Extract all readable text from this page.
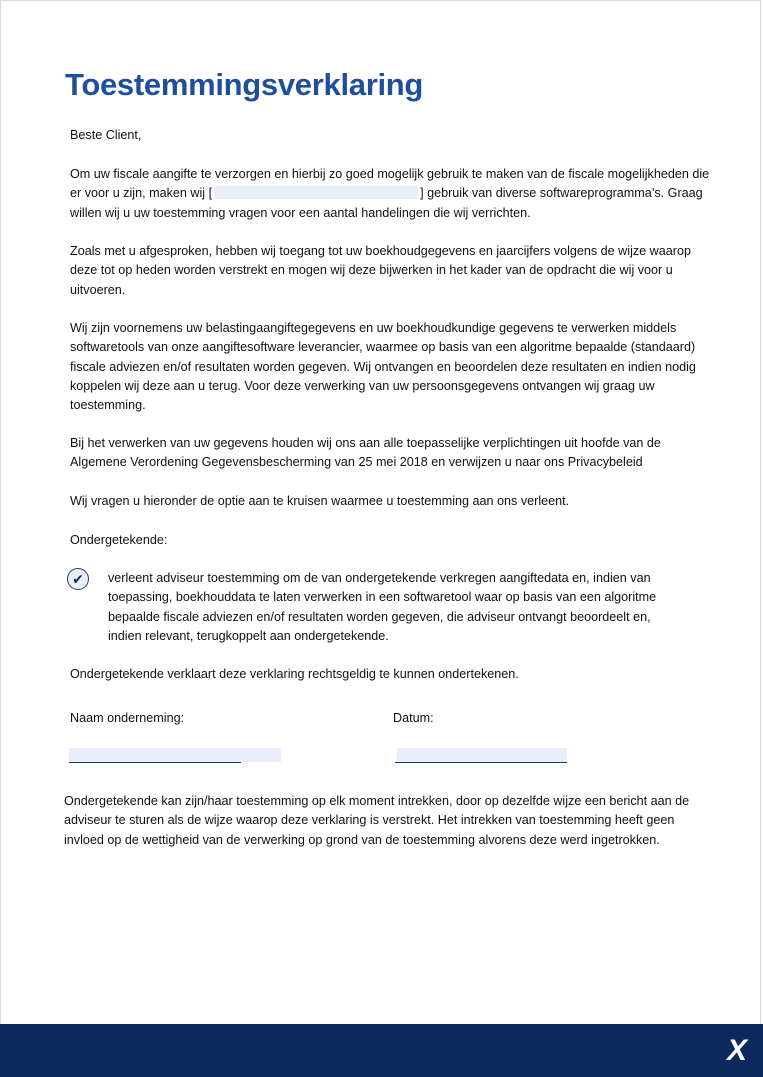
Toestemmingsverklaring

Beste Client,

Om uw fiscale aangifte te verzorgen en hierbij zo goed mogelijk gebruik te maken van de fiscale mogelijkheden die er voor u zijn, maken wij [	] gebruik van diverse softwareprogramma’s. Graag willen wij u uw toestemming vragen voor een aantal handelingen die wij verrichten.

Zoals met u afgesproken, hebben wij toegang tot uw boekhoudgegevens en jaarcijfers volgens de wijze waarop deze tot op heden worden verstrekt en mogen wij deze bijwerken in het kader van de opdracht die wij voor u uitvoeren.

Wij zijn voornemens uw belastingaangiftegegevens en uw boekhoudkundige gegevens te verwerken middels softwaretools van onze aangiftesoftware leverancier, waarmee op basis van een algoritme bepaalde (standaard) fiscale adviezen en/of resultaten worden gegeven. Wij ontvangen en beoordelen deze resultaten en indien nodig koppelen wij deze aan u terug. Voor deze verwerking van uw persoonsgegevens ontvangen wij graag uw toestemming.

Bij het verwerken van uw gegevens houden wij ons aan alle toepasselijke verplichtingen uit hoofde van de Algemene Verordening Gegevensbescherming van 25 mei 2018 en verwijzen u naar ons Privacybeleid

Wij vragen u hieronder de optie aan te kruisen waarmee u toestemming aan ons verleent.

Ondergetekende:

✔ verleent adviseur toestemming om de van ondergetekende verkregen aangiftedata en, indien van toepassing, boekhouddata te laten verwerken in een softwaretool waar op basis van een algoritme bepaalde fiscale adviezen en/of resultaten worden gegeven, die adviseur ontvangt beoordeelt en, indien relevant, terugkoppelt aan ondergetekende.

Ondergetekende verklaart deze verklaring rechtsgeldig te kunnen ondertekenen.

Naam onderneming:	Datum:

Ondergetekende kan zijn/haar toestemming op elk moment intrekken, door op dezelfde wijze een bericht aan de adviseur te sturen als de wijze waarop deze verklaring is verstrekt. Het intrekken van toestemming heeft geen invloed op de wettigheid van de verwerking op grond van de toestemming alvorens deze werd ingetrokken.

X
